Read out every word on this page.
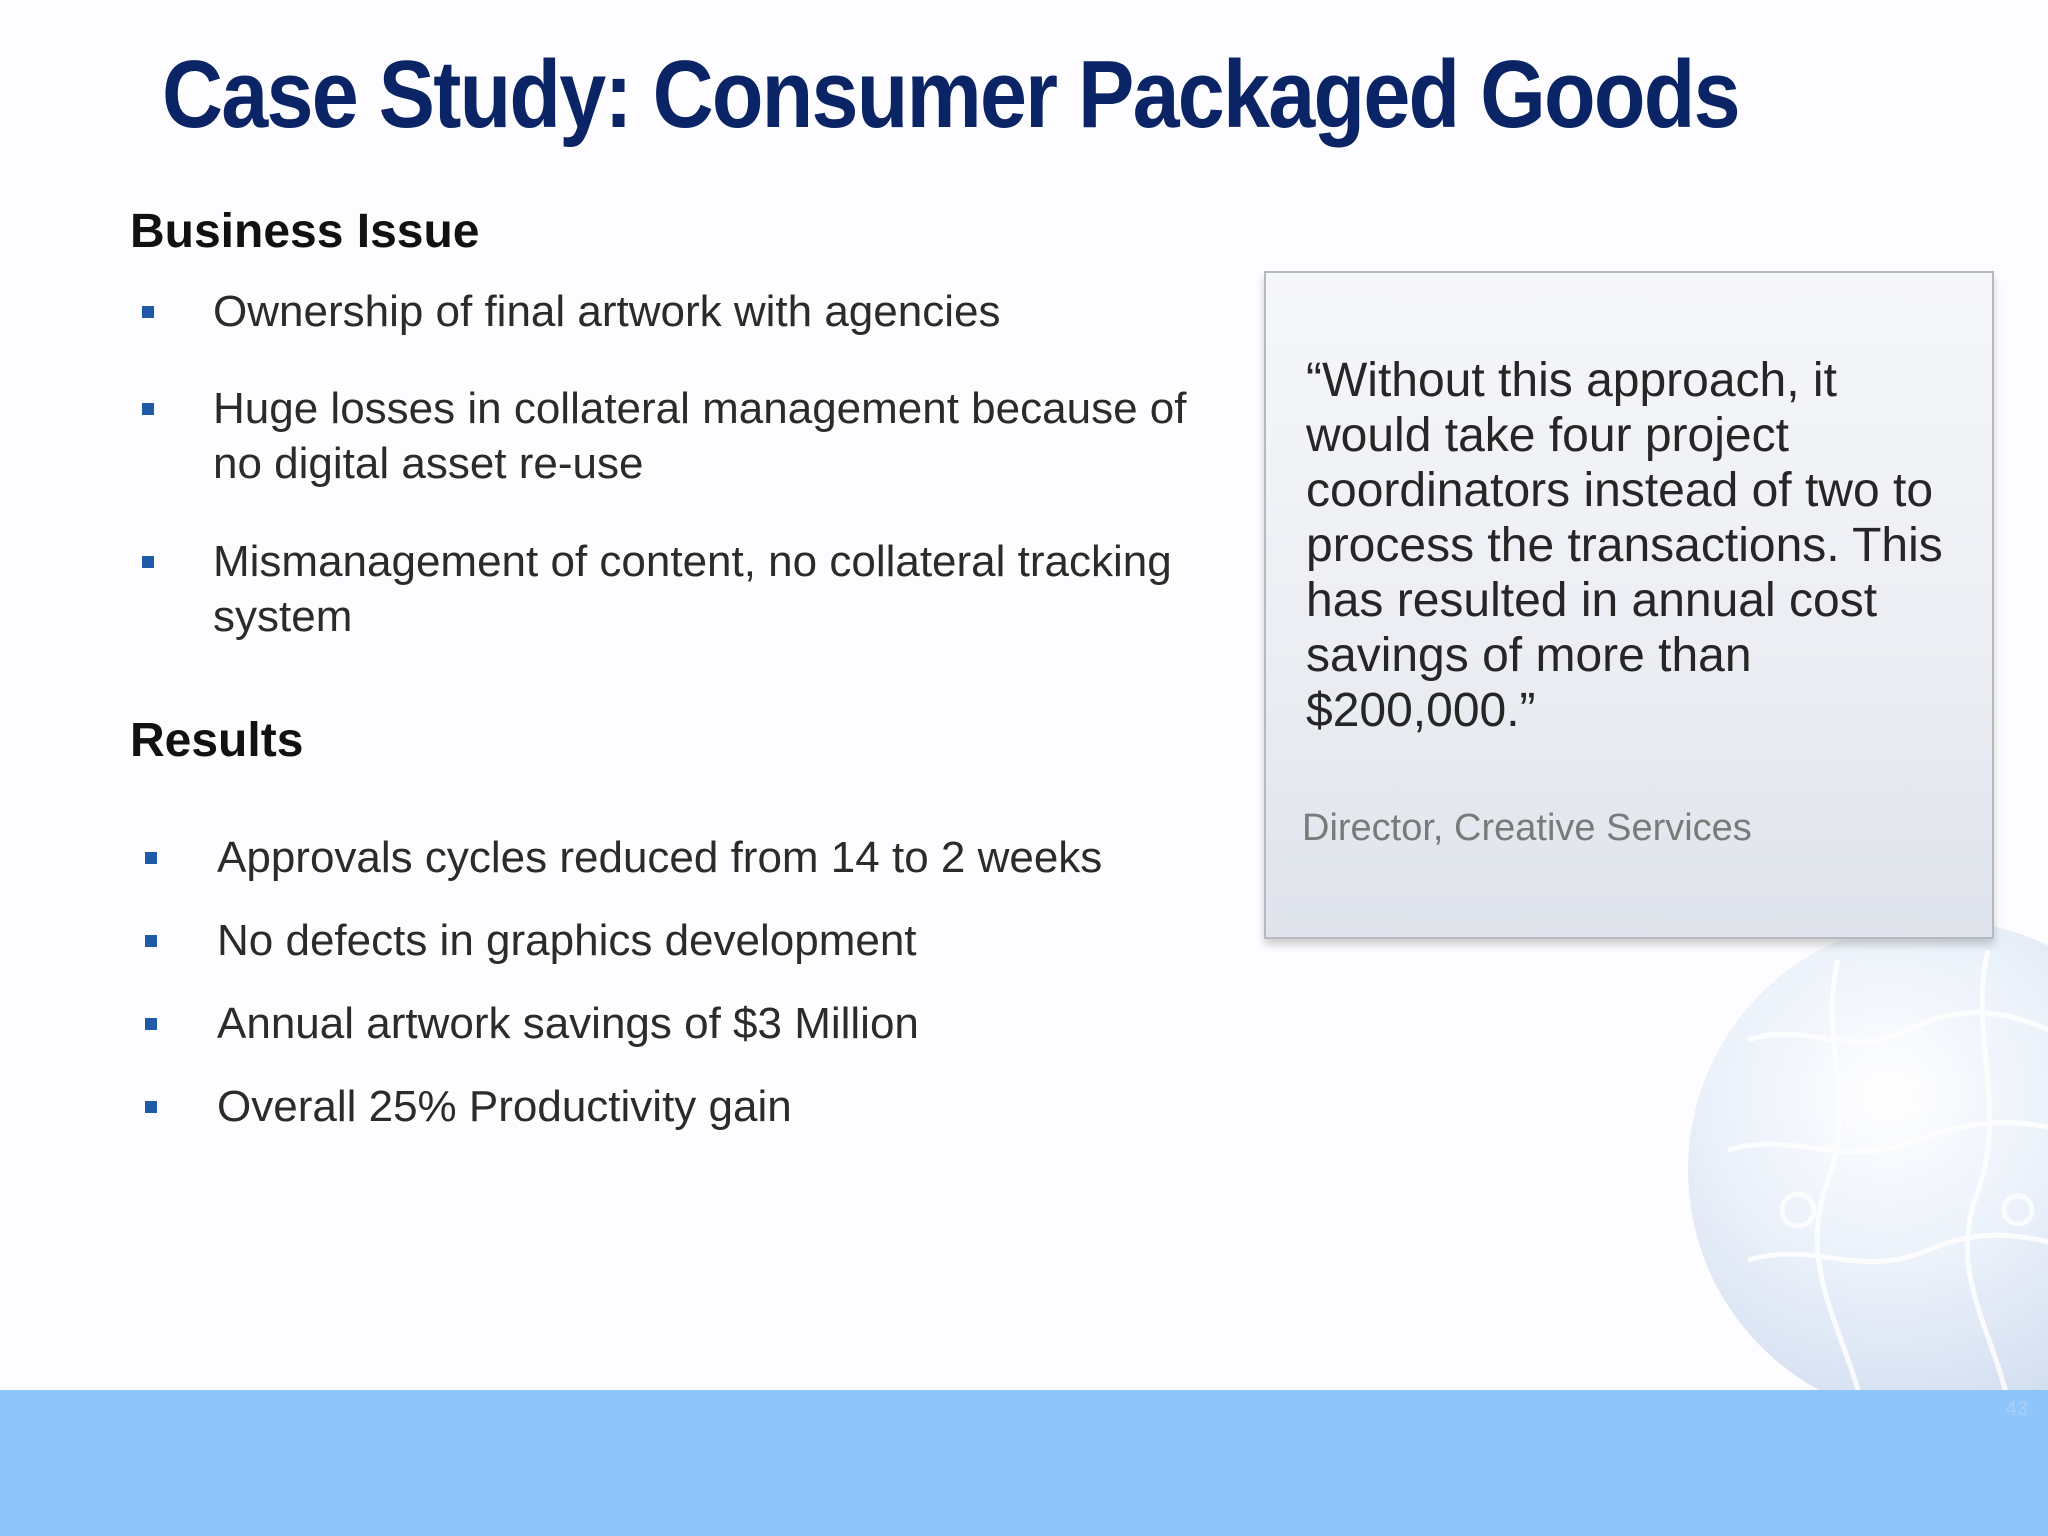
Case Study: Consumer Packaged Goods
Business Issue
Ownership of final artwork with agencies
Huge losses in collateral management because of
no digital asset re-use
Mismanagement of content, no collateral tracking
system
Results
Approvals cycles reduced from 14 to 2 weeks
No defects in graphics development
Annual artwork savings of $3 Million
Overall 25% Productivity gain
“Without this approach, it would take four project coordinators instead of two to process the transactions. This has resulted in annual cost savings of more than $200,000.”
Director, Creative Services
43
